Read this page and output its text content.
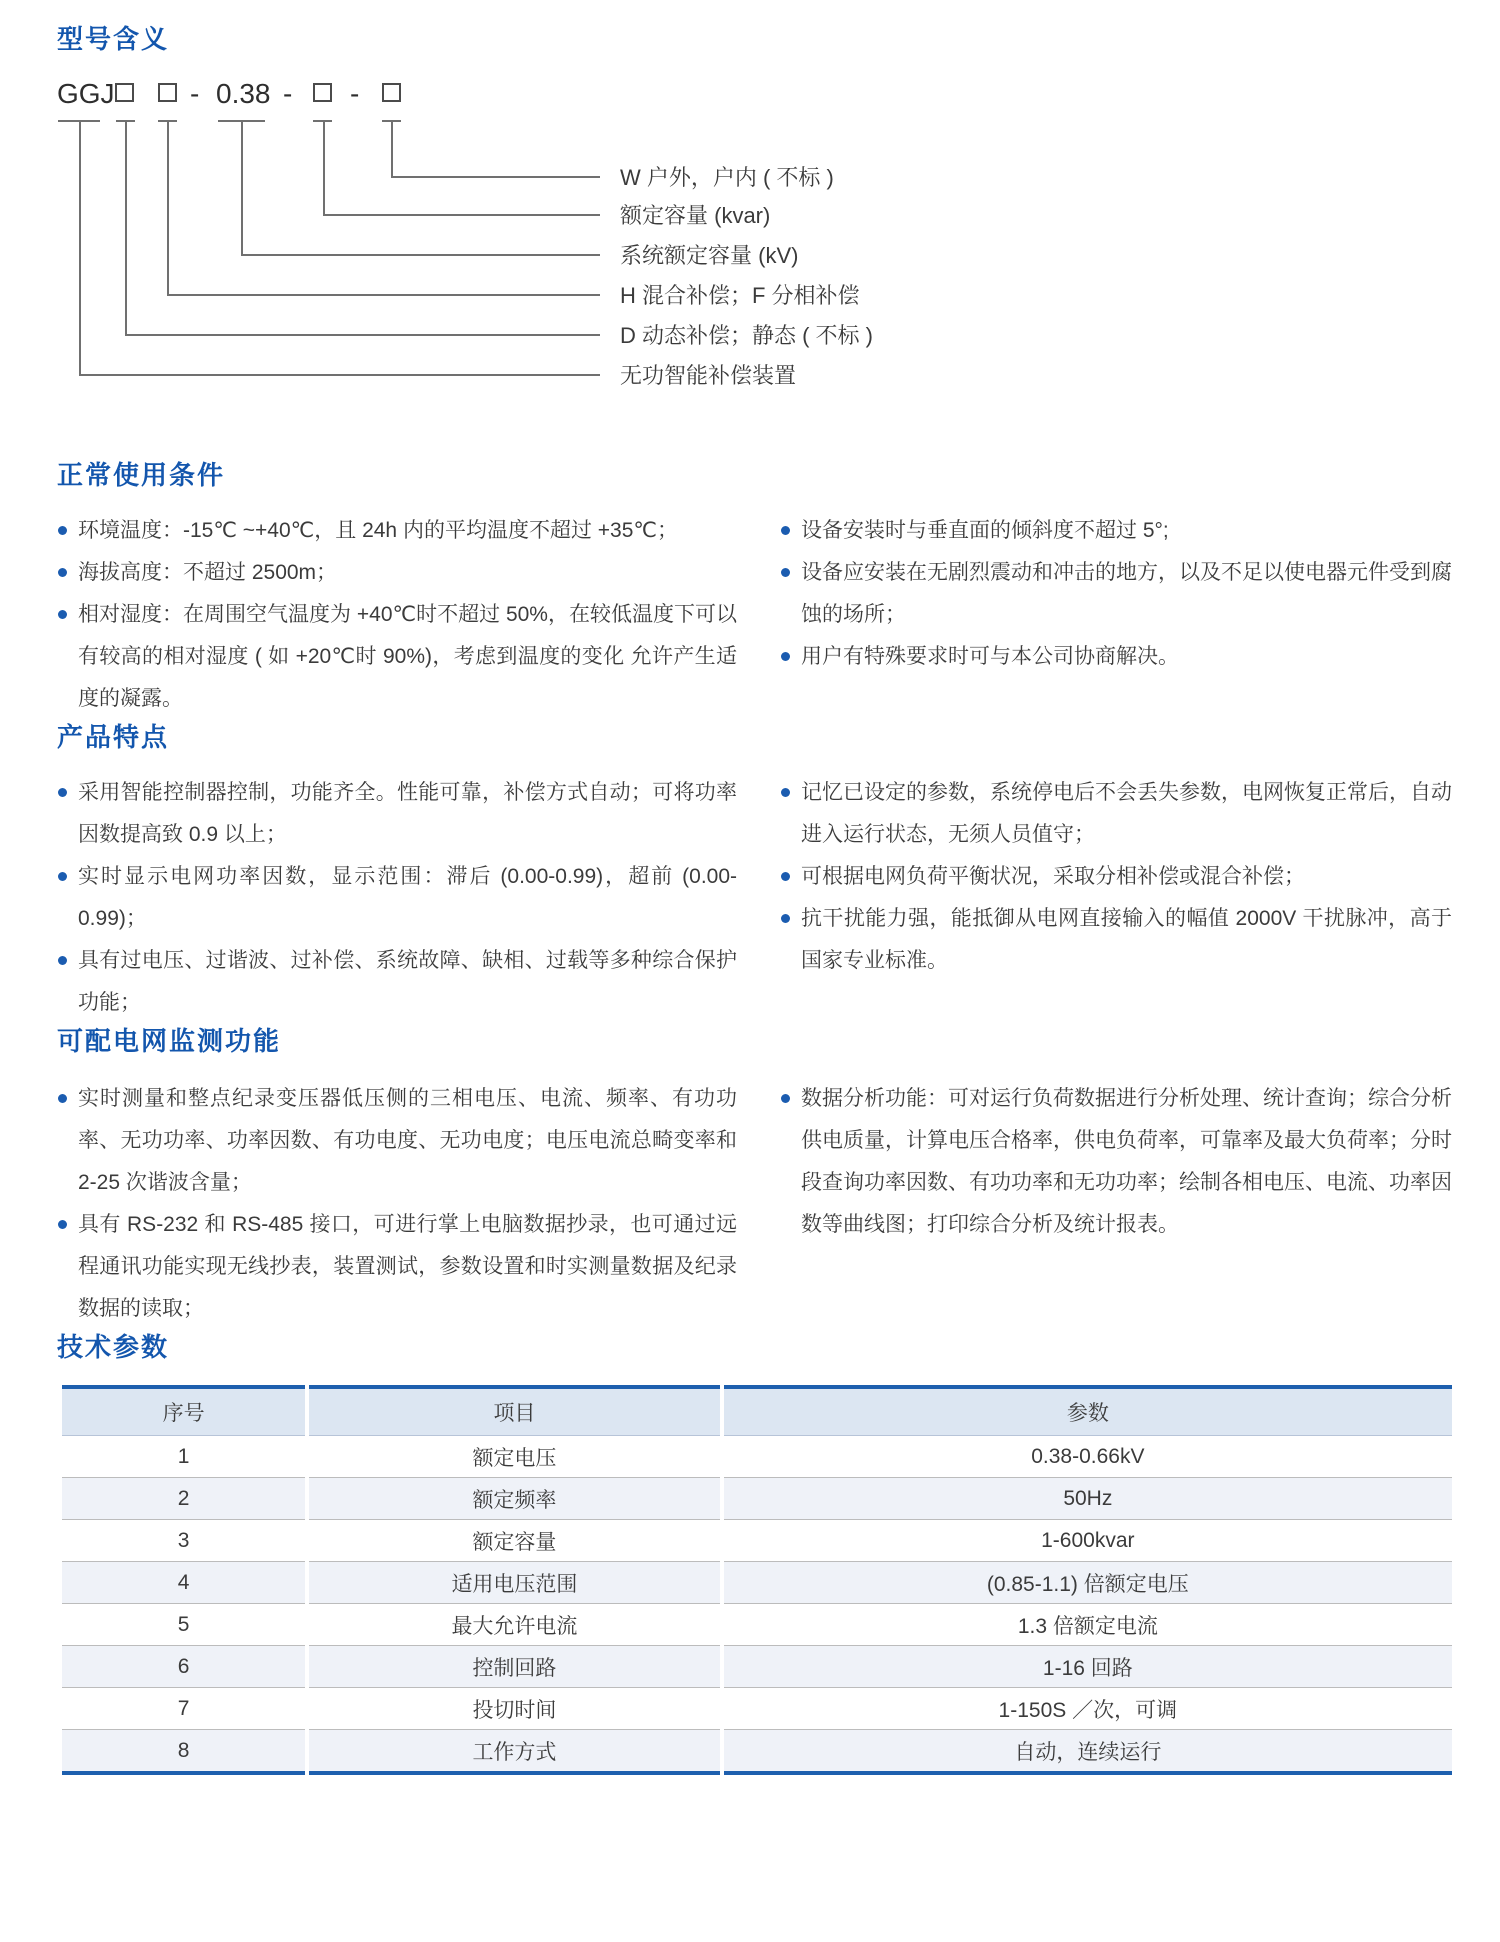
型号含义
GGJ	- 0.38 - -
W 户外，户内 ( 不标 )
额定容量 (kvar)
系统额定容量 (kV)
H 混合补偿；F 分相补偿
D 动态补偿；静态 ( 不标 )
无功智能补偿装置
正常使用条件
环境温度：-15℃ ~+40℃，且 24h 内的平均温度不超过 +35℃；
海拔高度：不超过 2500m；
相对湿度：在周围空气温度为 +40℃时不超过 50%，在较低温度下可以有较高的相对湿度 ( 如 +20℃时 90%)，考虑到温度的变化 允许产生适度的凝露。
设备安装时与垂直面的倾斜度不超过 5°;
设备应安装在无剧烈震动和冲击的地方，以及不足以使电器元件受到腐蚀的场所；
用户有特殊要求时可与本公司协商解决。
产品特点
采用智能控制器控制，功能齐全。性能可靠，补偿方式自动；可将功率因数提高致 0.9 以上；
实时显示电网功率因数，显示范围：滞后 (0.00-0.99)，超前 (0.00-0.99)；
具有过电压、过谐波、过补偿、系统故障、缺相、过载等多种综合保护功能；
记忆已设定的参数，系统停电后不会丢失参数，电网恢复正常后，自动进入运行状态，无须人员值守；
可根据电网负荷平衡状况，采取分相补偿或混合补偿；
抗干扰能力强，能抵御从电网直接输入的幅值 2000V 干扰脉冲，高于国家专业标准。
可配电网监测功能
实时测量和整点纪录变压器低压侧的三相电压、电流、频率、有功功率、无功功率、功率因数、有功电度、无功电度；电压电流总畸变率和 2-25 次谐波含量；
具有 RS-232 和 RS-485 接口，可进行掌上电脑数据抄录，也可通过远程通讯功能实现无线抄表，装置测试，参数设置和时实测量数据及纪录数据的读取；
数据分析功能：可对运行负荷数据进行分析处理、统计查询；综合分析供电质量，计算电压合格率，供电负荷率，可靠率及最大负荷率；分时段查询功率因数、有功功率和无功功率；绘制各相电压、电流、功率因数等曲线图；打印综合分析及统计报表。
技术参数
序号	项目	参数
1	额定电压	0.38-0.66kV
2	额定频率	50Hz
3	额定容量	1-600kvar
4	适用电压范围	(0.85-1.1) 倍额定电压
5	最大允许电流	1.3 倍额定电流
6	控制回路	1-16 回路
7	投切时间	1-150S ／次，可调
8	工作方式	自动，连续运行
